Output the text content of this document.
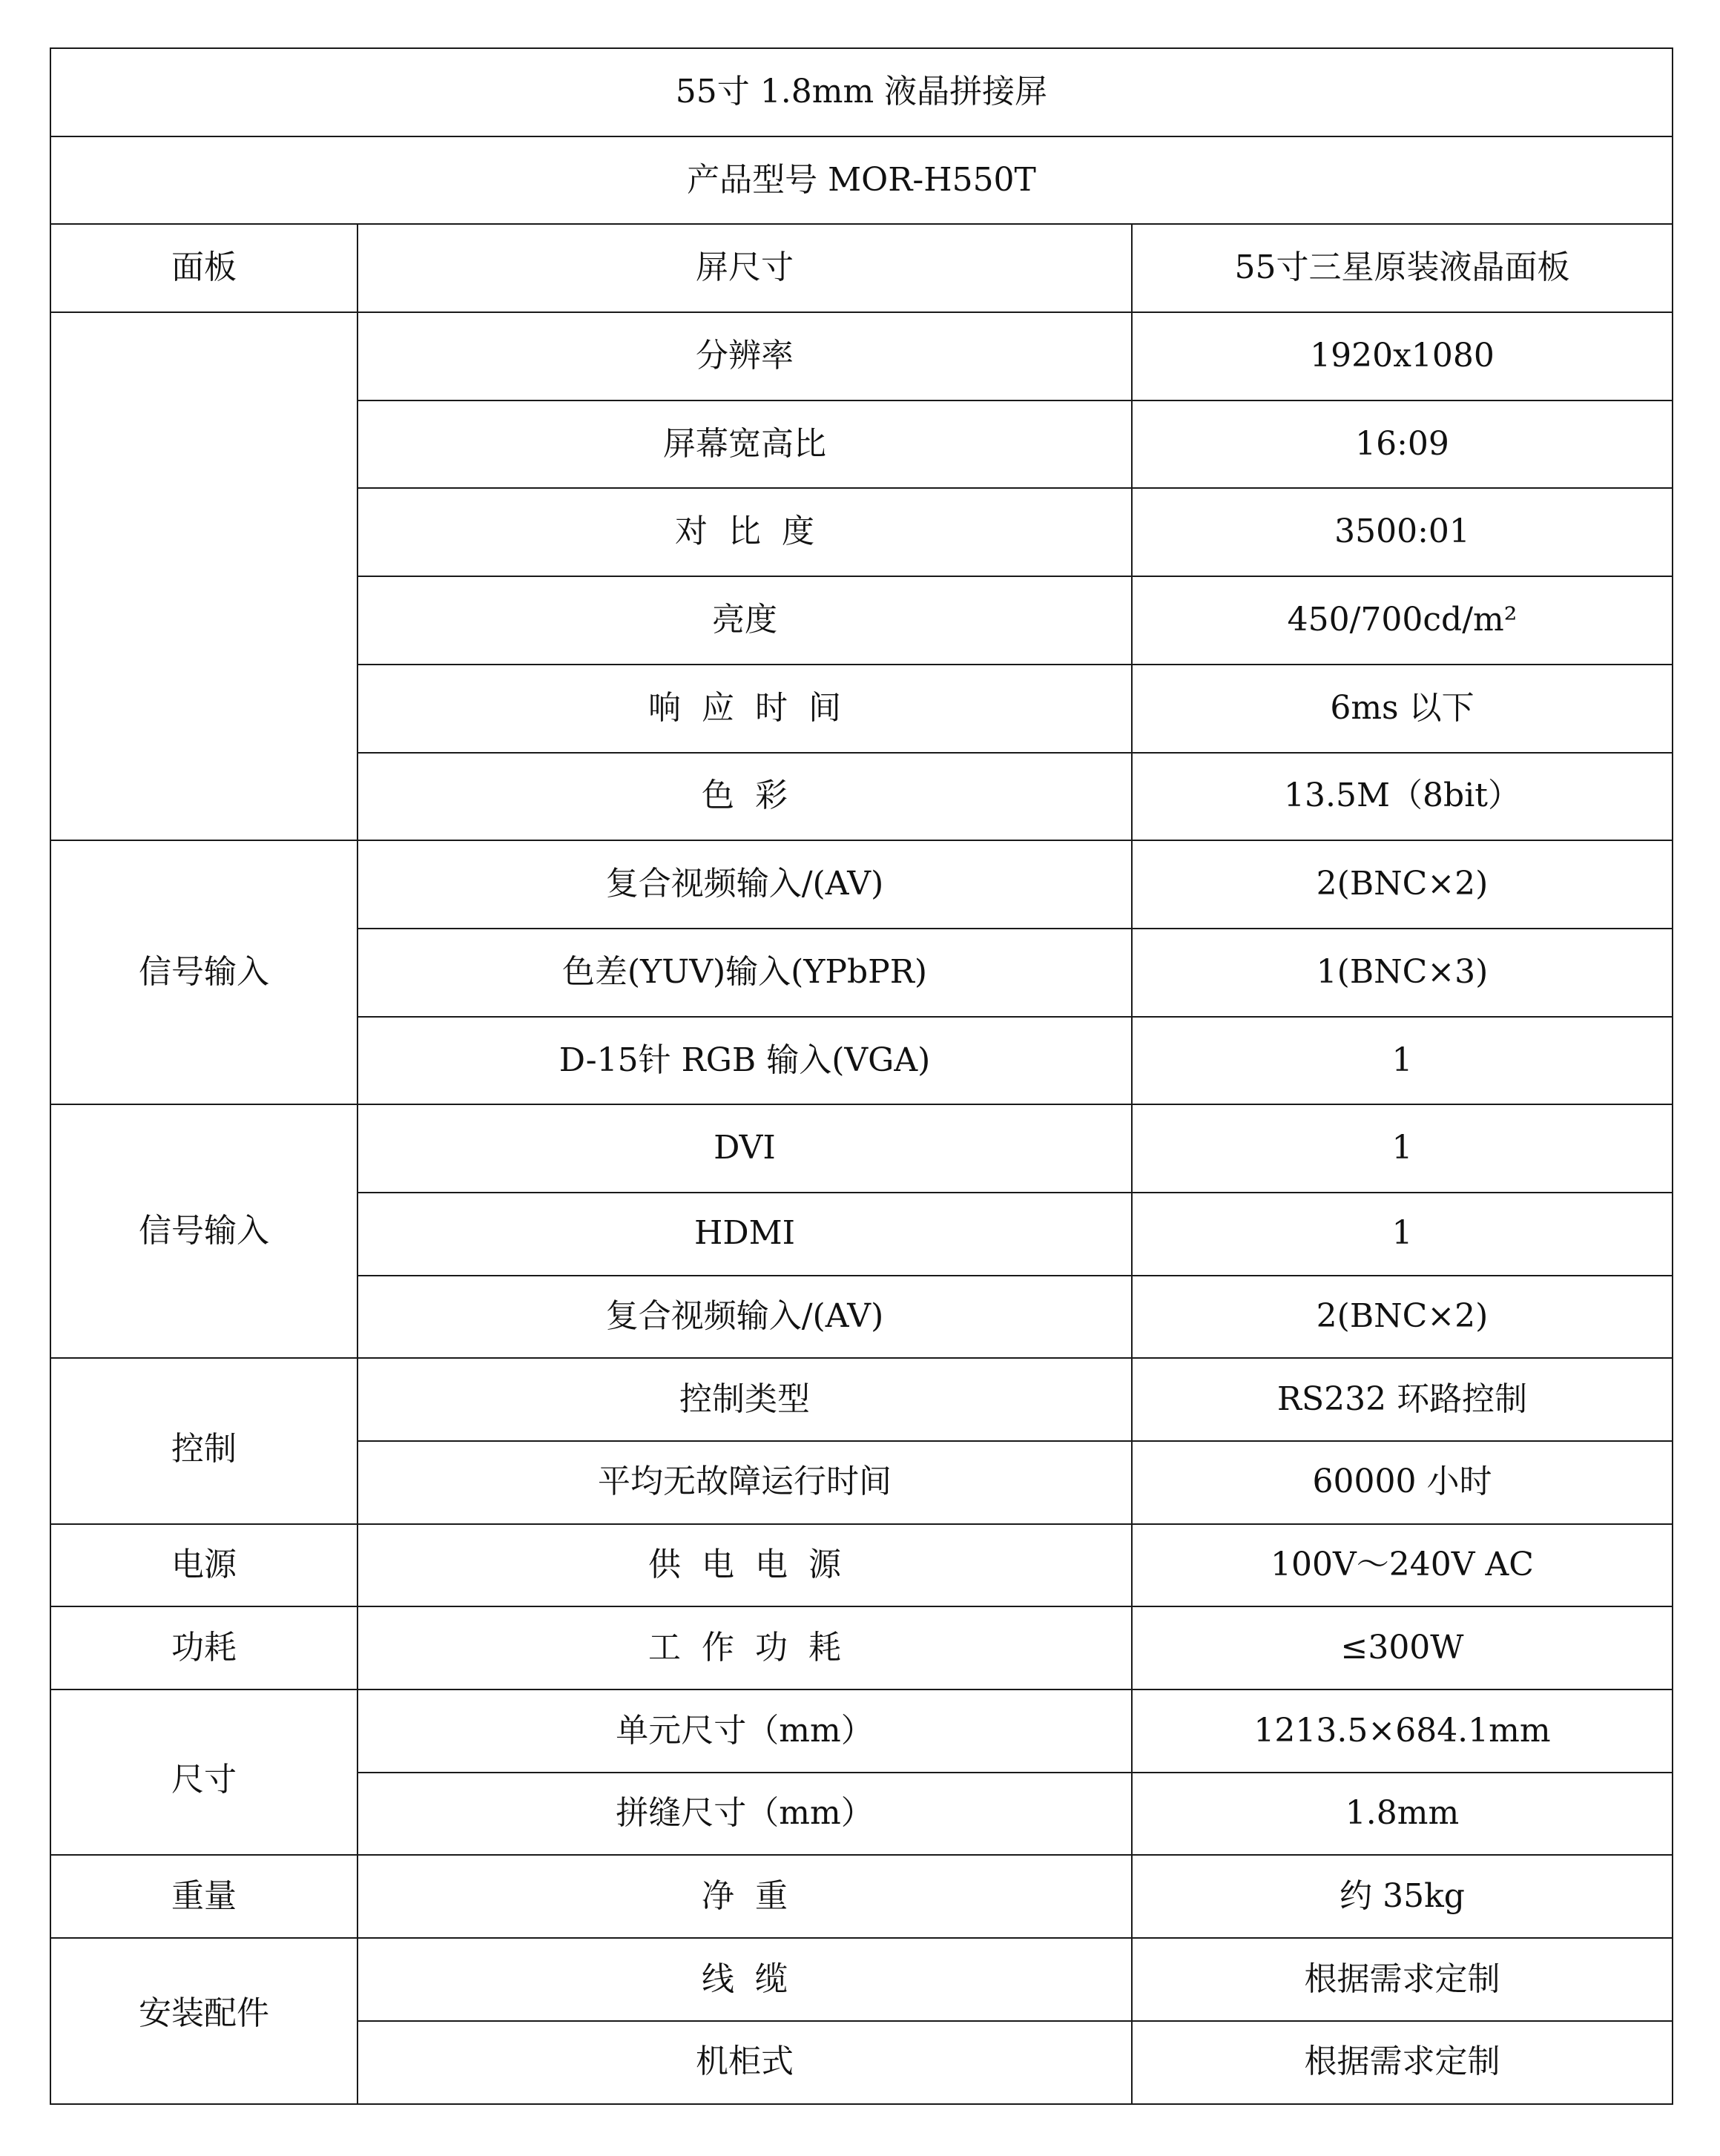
55寸 1.8mm 液晶拼接屏		
产品型号 MOR-H550T		
面板	屏尺寸	55寸三星原装液晶面板
	分辨率	1920x1080
	屏幕宽高比	16:09
	对  比  度	3500:01
	亮度	450/700cd/m²
	响  应  时  间	6ms 以下
	色  彩	13.5M（8bit）
信号输入	复合视频输入/(AV)	2(BNC×2)
	色差(YUV)输入(YPbPR)	1(BNC×3)
	D-15针 RGB 输入(VGA)	1
信号输入	DVI	1
	HDMI	1
	复合视频输入/(AV)	2(BNC×2)
控制	控制类型	RS232 环路控制
	平均无故障运行时间	60000 小时
电源	供  电  电  源	100V～240V AC
功耗	工  作  功  耗	≤300W
尺寸	单元尺寸（mm）	1213.5×684.1mm
	拼缝尺寸（mm）	1.8mm
重量	净  重	约 35kg
安装配件	线  缆	根据需求定制
	机柜式	根据需求定制
